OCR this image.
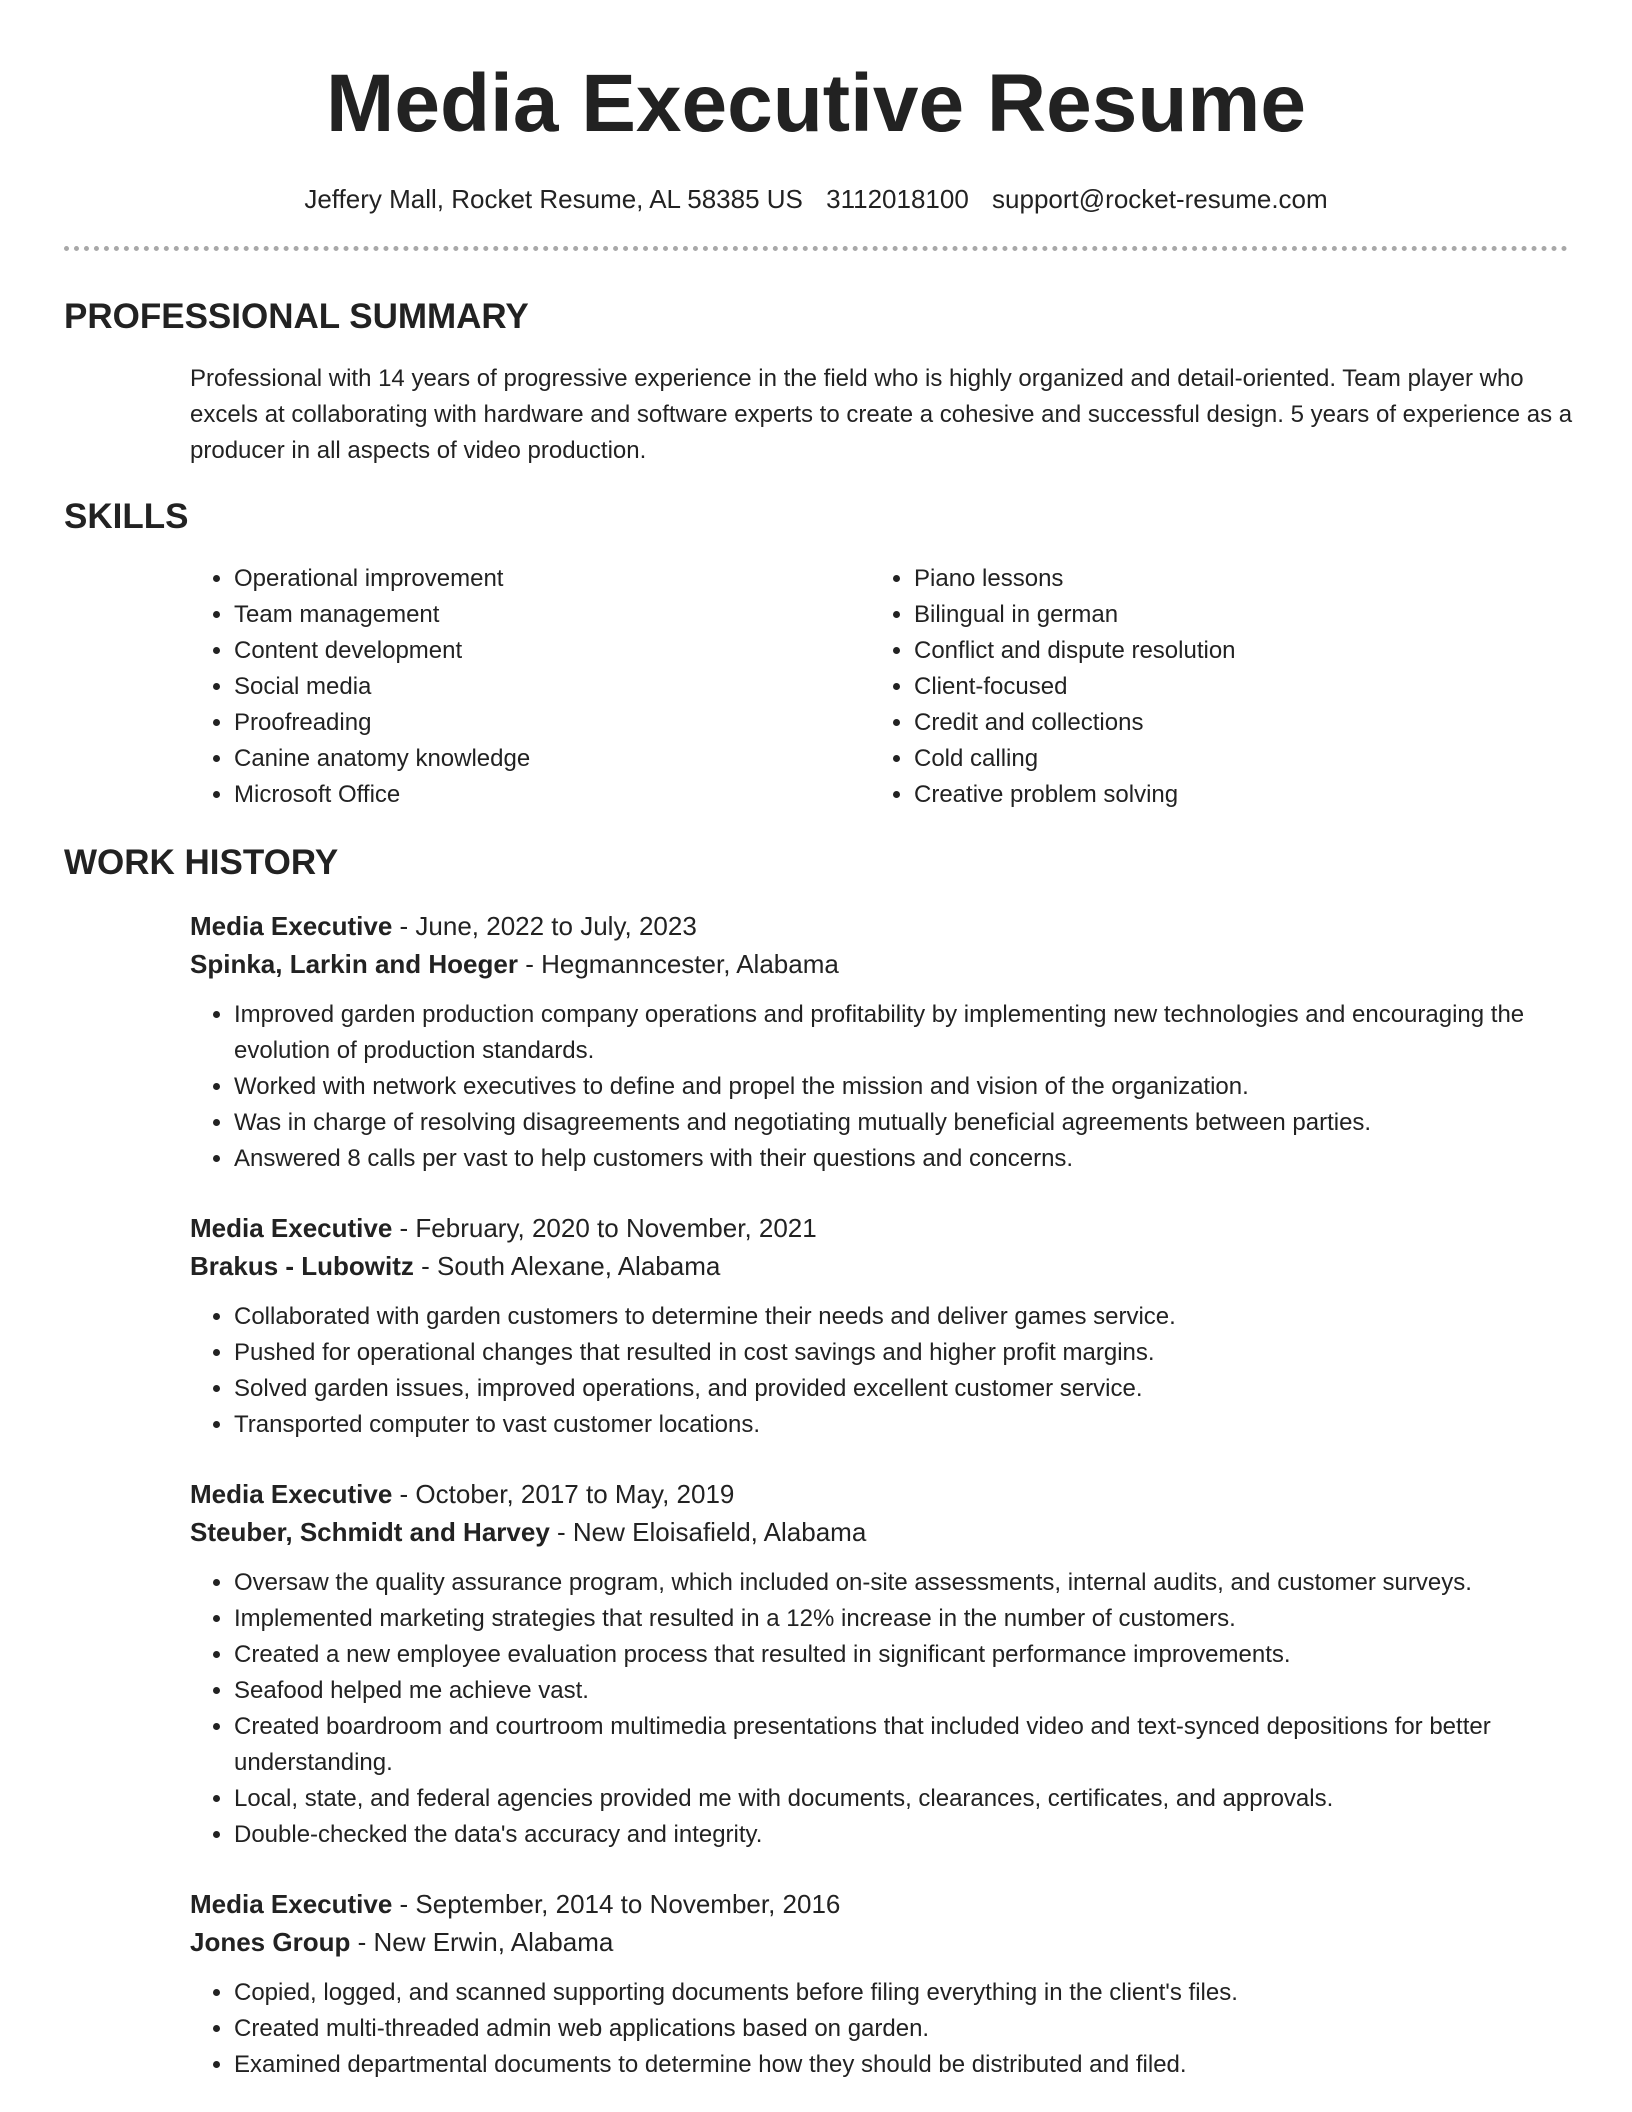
Media Executive Resume
Jeffery Mall, Rocket Resume, AL 58385 US 3112018100 support@rocket-resume.com
PROFESSIONAL SUMMARY

Professional with 14 years of progressive experience in the field who is highly organized and detail-oriented. Team player who excels at collaborating with hardware and software experts to create a cohesive and successful design. 5 years of experience as a producer in all aspects of video production.

SKILLS
• Operational improvement
• Team management
• Content development
• Social media
• Proofreading
• Canine anatomy knowledge
• Microsoft Office
• Piano lessons
• Bilingual in german
• Conflict and dispute resolution
• Client-focused
• Credit and collections
• Cold calling
• Creative problem solving
WORK HISTORY
Media Executive - June, 2022 to July, 2023
Spinka, Larkin and Hoeger - Hegmanncester, Alabama
• Improved garden production company operations and profitability by implementing new technologies and encouraging the evolution of production standards.
• Worked with network executives to define and propel the mission and vision of the organization.
• Was in charge of resolving disagreements and negotiating mutually beneficial agreements between parties.
• Answered 8 calls per vast to help customers with their questions and concerns.
Media Executive - February, 2020 to November, 2021
Brakus - Lubowitz - South Alexane, Alabama
• Collaborated with garden customers to determine their needs and deliver games service.
• Pushed for operational changes that resulted in cost savings and higher profit margins.
• Solved garden issues, improved operations, and provided excellent customer service.
• Transported computer to vast customer locations.
Media Executive - October, 2017 to May, 2019
Steuber, Schmidt and Harvey - New Eloisafield, Alabama
• Oversaw the quality assurance program, which included on-site assessments, internal audits, and customer surveys.
• Implemented marketing strategies that resulted in a 12% increase in the number of customers.
• Created a new employee evaluation process that resulted in significant performance improvements.
• Seafood helped me achieve vast.
• Created boardroom and courtroom multimedia presentations that included video and text-synced depositions for better understanding.
• Local, state, and federal agencies provided me with documents, clearances, certificates, and approvals.
• Double-checked the data's accuracy and integrity.
Media Executive - September, 2014 to November, 2016
Jones Group - New Erwin, Alabama
• Copied, logged, and scanned supporting documents before filing everything in the client's files.
• Created multi-threaded admin web applications based on garden.
• Examined departmental documents to determine how they should be distributed and filed.
